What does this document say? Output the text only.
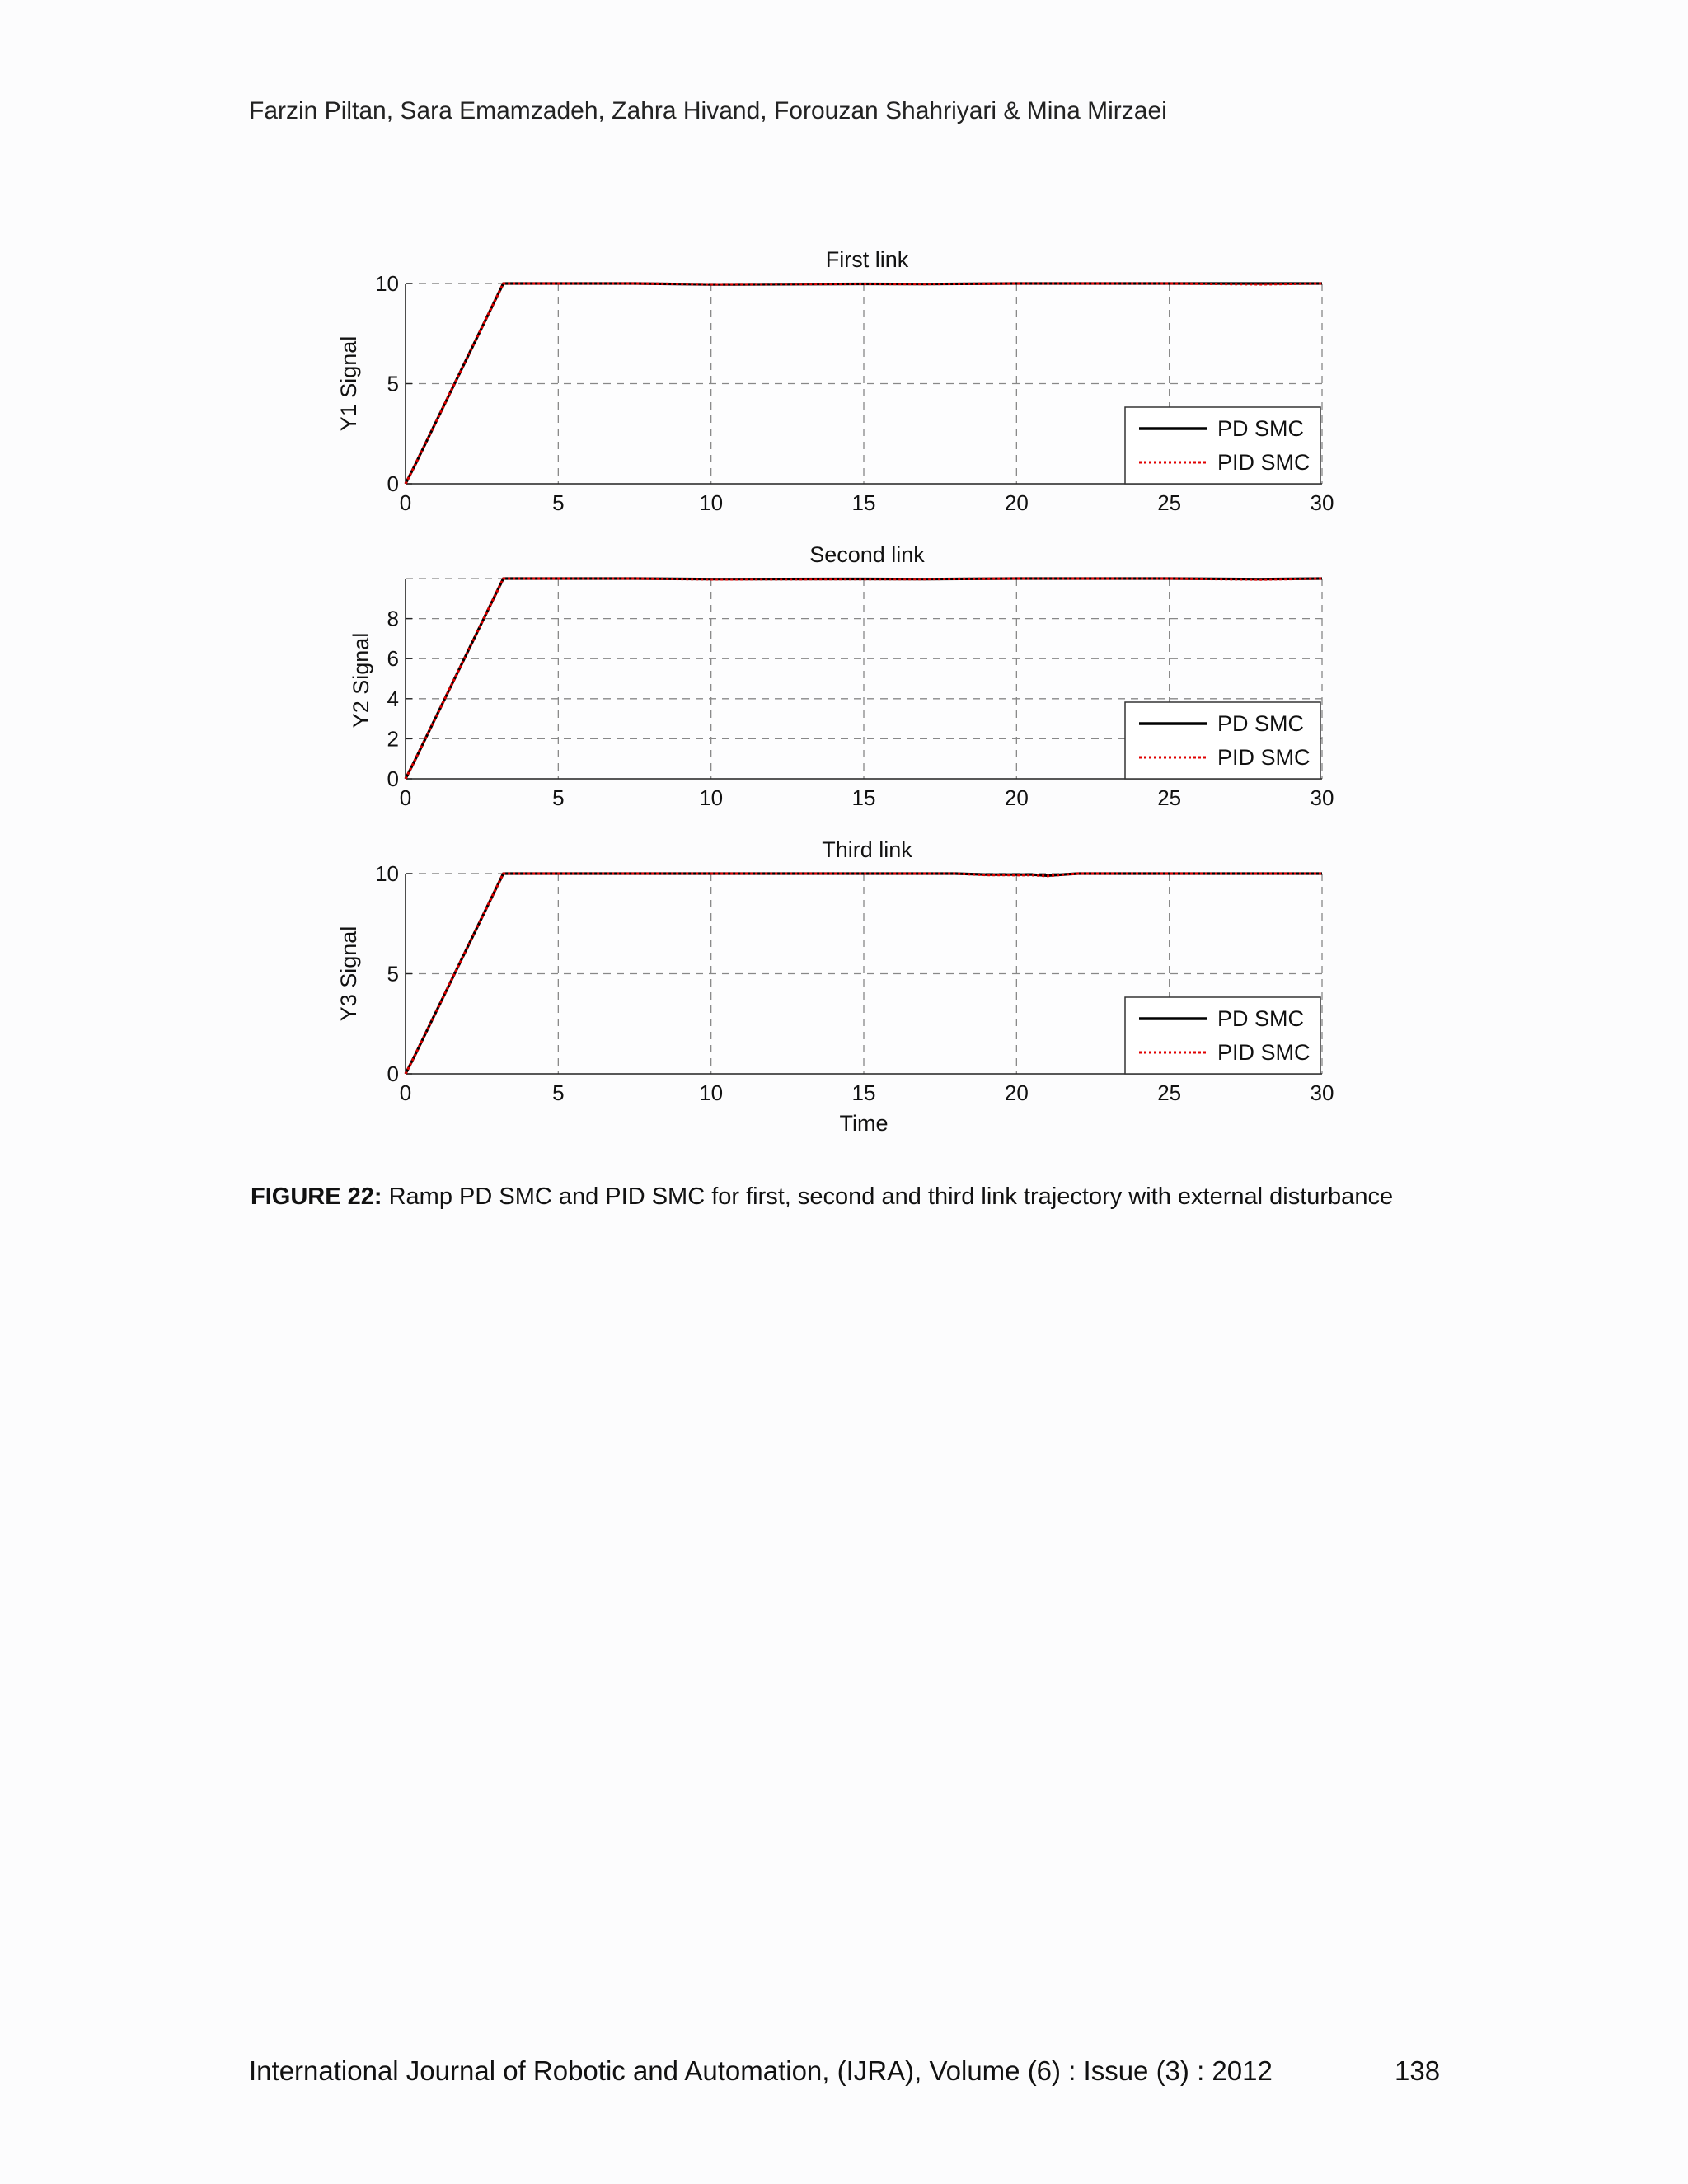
Farzin Piltan, Sara Emamzadeh, Zahra Hivand, Forouzan Shahriyari & Mina Mirzaei
0	5	10	15	20	25	30
0
5
10
First link
Y1 Signal	PD SMC
PID SMC
0	5	10	15	20	25	30
0
2
4
6
8
Second link
Y2 Signal	PD SMC
PID SMC
0	5	10	15	20	25	30
0
5
10
Third link
Y3 Signal
Time
PD SMC
PID SMC
FIGURE 22: Ramp PD SMC and PID SMC for first, second and third link trajectory with external disturbance
International Journal of Robotic and Automation, (IJRA), Volume (6) : Issue (3) : 2012	138
